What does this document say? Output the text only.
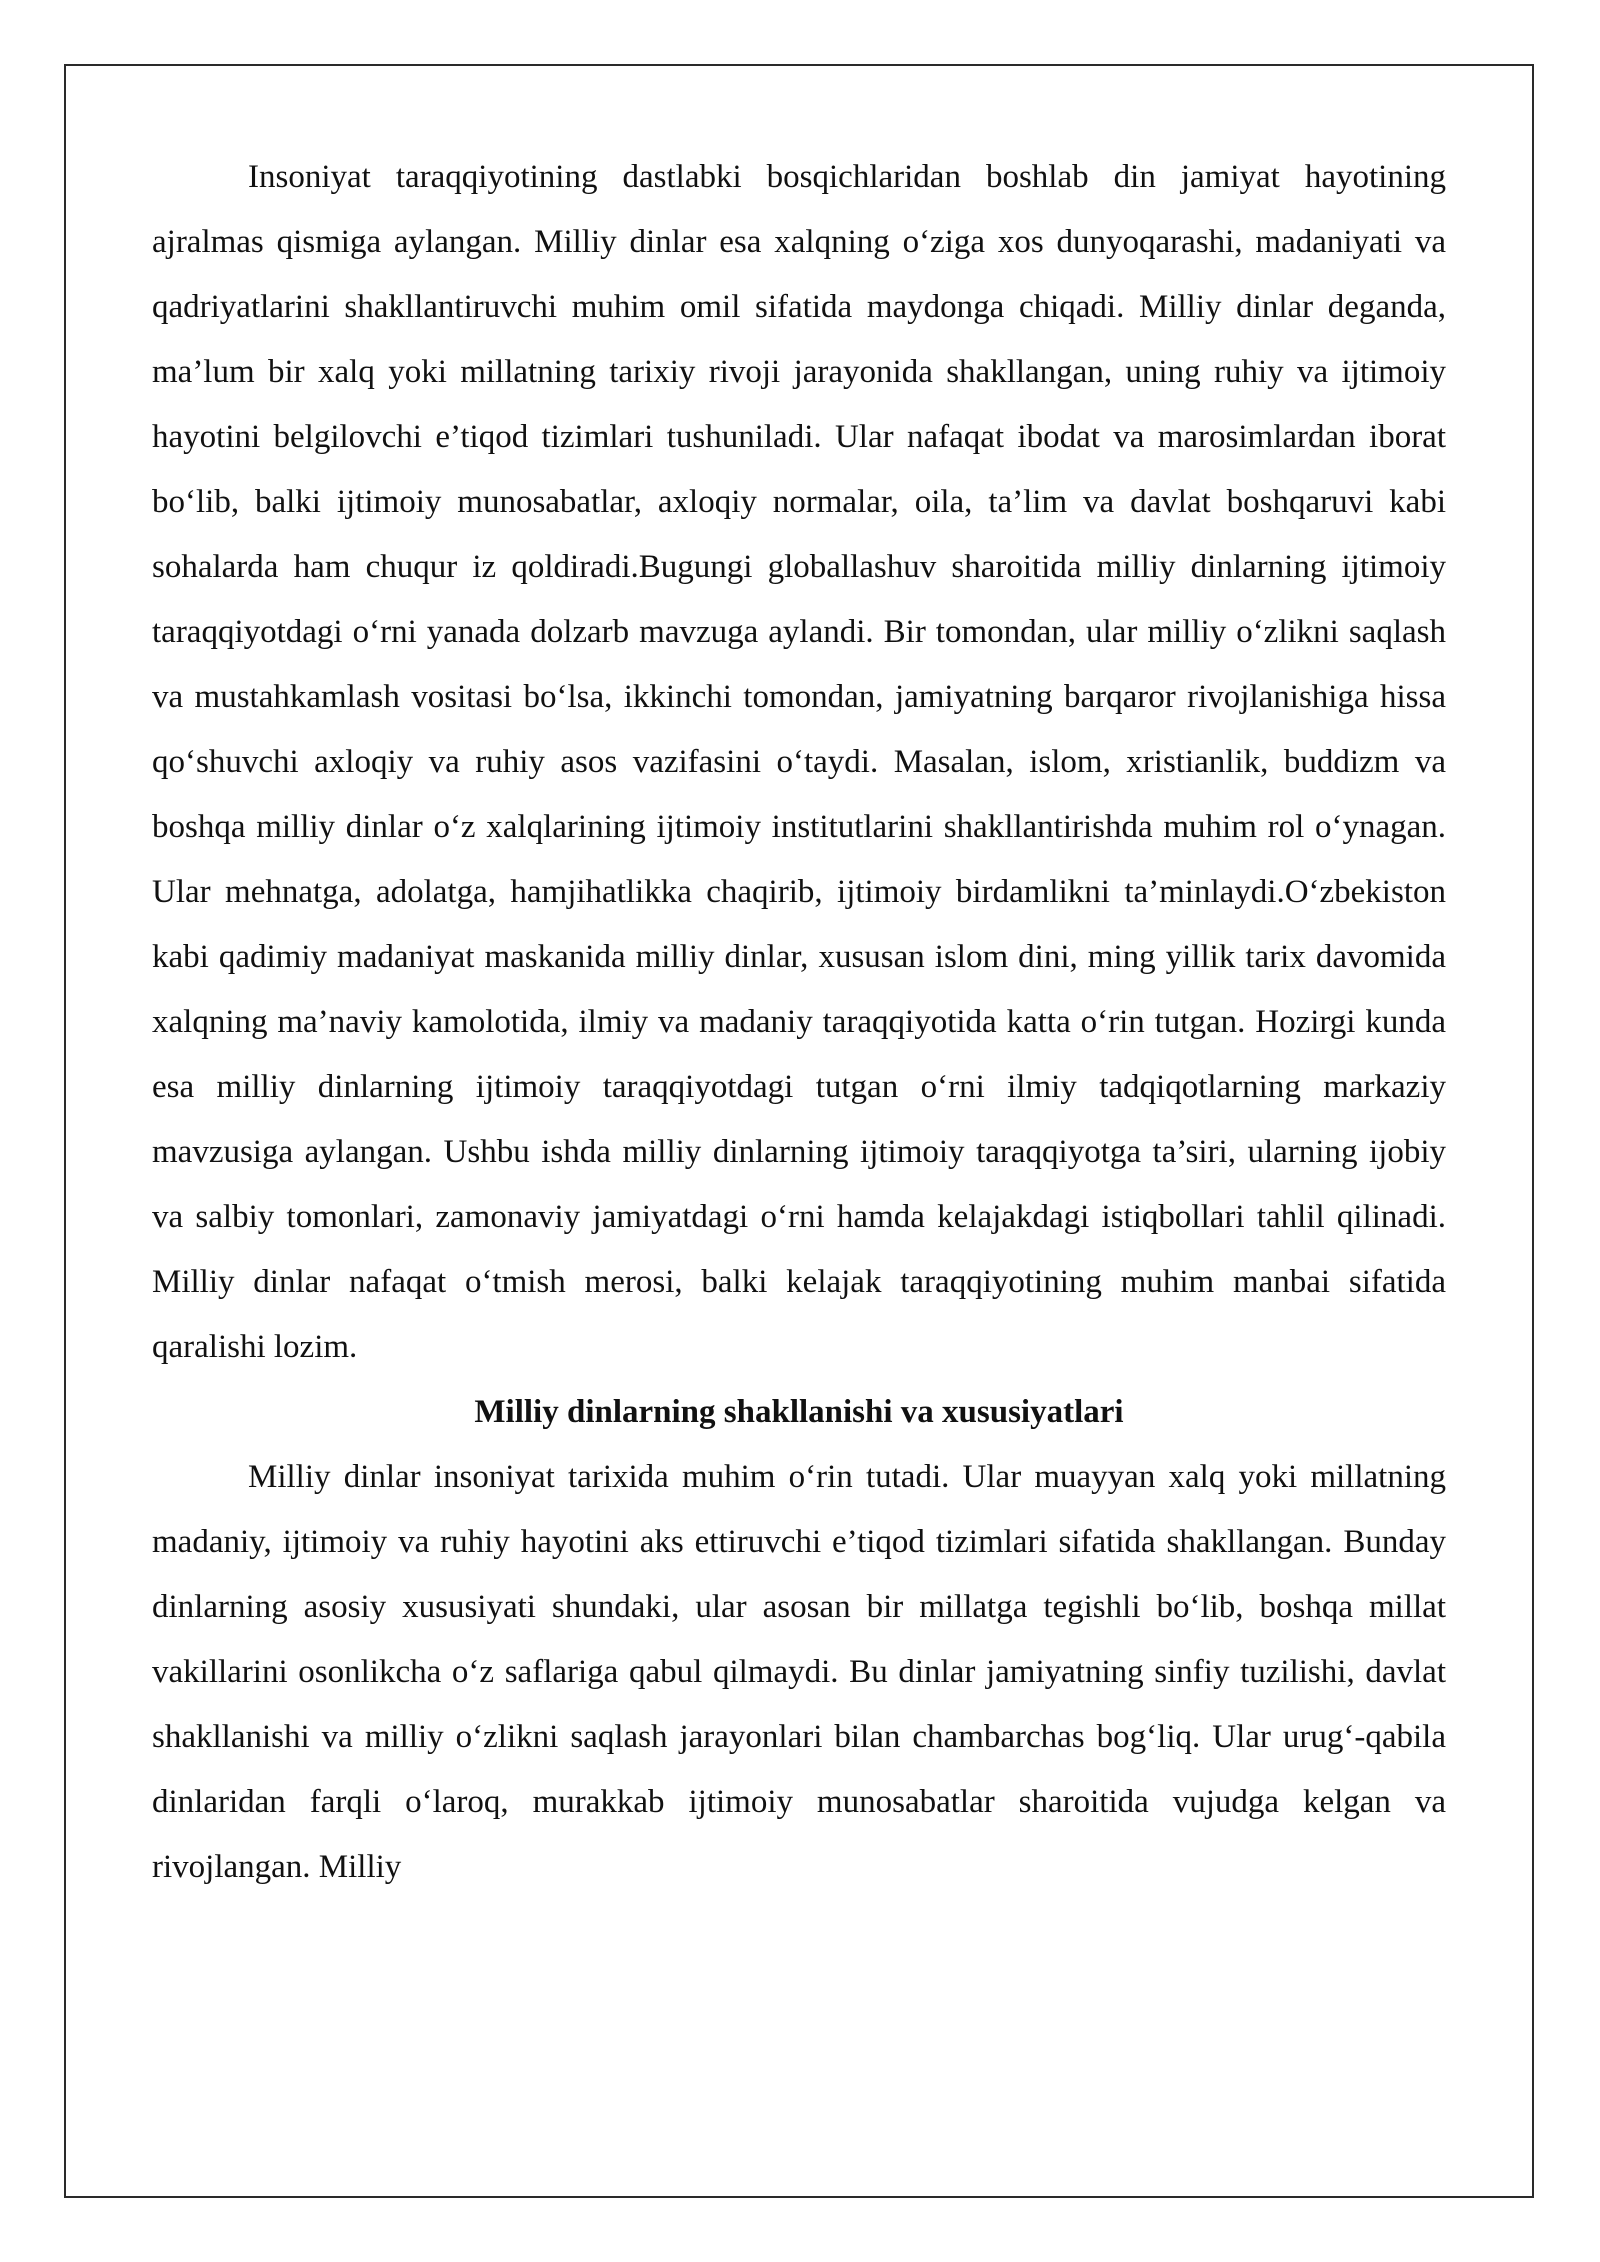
Insoniyat taraqqiyotining dastlabki bosqichlaridan boshlab din jamiyat hayotining ajralmas qismiga aylangan. Milliy dinlar esa xalqning o‘ziga xos dunyoqarashi, madaniyati va qadriyatlarini shakllantiruvchi muhim omil sifatida maydonga chiqadi. Milliy dinlar deganda, ma’lum bir xalq yoki millatning tarixiy rivoji jarayonida shakllangan, uning ruhiy va ijtimoiy hayotini belgilovchi e’tiqod tizimlari tushuniladi. Ular nafaqat ibodat va marosimlardan iborat bo‘lib, balki ijtimoiy munosabatlar, axloqiy normalar, oila, ta’lim va davlat boshqaruvi kabi sohalarda ham chuqur iz qoldiradi.Bugungi globallashuv sharoitida milliy dinlarning ijtimoiy taraqqiyotdagi o‘rni yanada dolzarb mavzuga aylandi. Bir tomondan, ular milliy o‘zlikni saqlash va mustahkamlash vositasi bo‘lsa, ikkinchi tomondan, jamiyatning barqaror rivojlanishiga hissa qo‘shuvchi axloqiy va ruhiy asos vazifasini o‘taydi. Masalan, islom, xristianlik, buddizm va boshqa milliy dinlar o‘z xalqlarining ijtimoiy institutlarini shakllantirishda muhim rol o‘ynagan. Ular mehnatga, adolatga, hamjihatlikka chaqirib, ijtimoiy birdamlikni ta’minlaydi.O‘zbekiston kabi qadimiy madaniyat maskanida milliy dinlar, xususan islom dini, ming yillik tarix davomida xalqning ma’naviy kamolotida, ilmiy va madaniy taraqqiyotida katta o‘rin tutgan. Hozirgi kunda esa milliy dinlarning ijtimoiy taraqqiyotdagi tutgan o‘rni ilmiy tadqiqotlarning markaziy mavzusiga aylangan. Ushbu ishda milliy dinlarning ijtimoiy taraqqiyotga ta’siri, ularning ijobiy va salbiy tomonlari, zamonaviy jamiyatdagi o‘rni hamda kelajakdagi istiqbollari tahlil qilinadi. Milliy dinlar nafaqat o‘tmish merosi, balki kelajak taraqqiyotining muhim manbai sifatida qaralishi lozim.

Milliy dinlarning shakllanishi va xususiyatlari

Milliy dinlar insoniyat tarixida muhim o‘rin tutadi. Ular muayyan xalq yoki millatning madaniy, ijtimoiy va ruhiy hayotini aks ettiruvchi e’tiqod tizimlari sifatida shakllangan. Bunday dinlarning asosiy xususiyati shundaki, ular asosan bir millatga tegishli bo‘lib, boshqa millat vakillarini osonlikcha o‘z saflariga qabul qilmaydi. Bu dinlar jamiyatning sinfiy tuzilishi, davlat shakllanishi va milliy o‘zlikni saqlash jarayonlari bilan chambarchas bog‘liq. Ular urug‘-qabila dinlaridan farqli o‘laroq, murakkab ijtimoiy munosabatlar sharoitida vujudga kelgan va rivojlangan. Milliy
